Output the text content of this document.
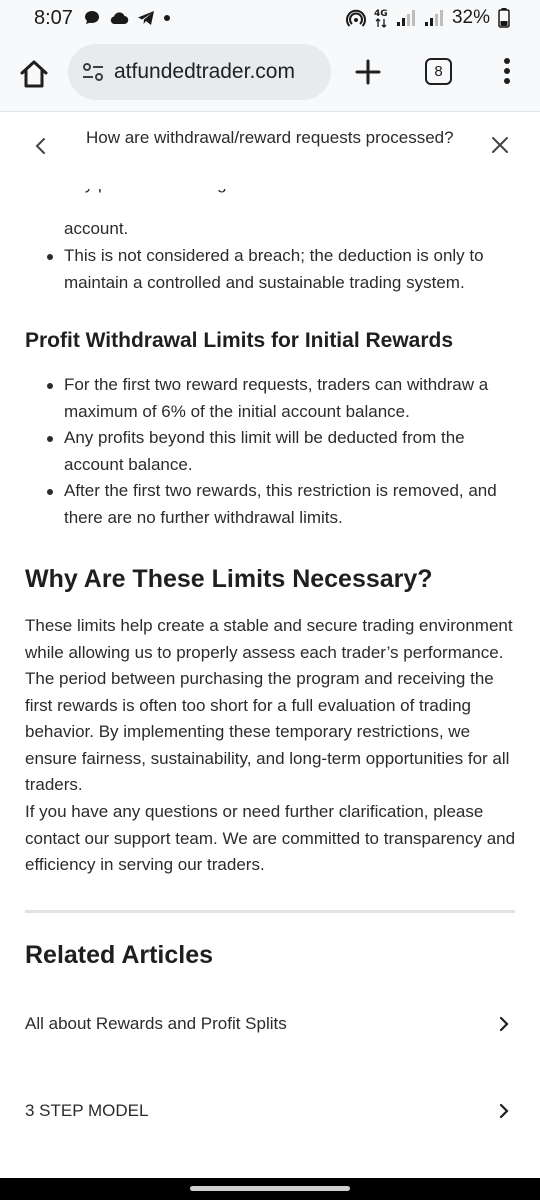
8:07	4G	32%
atfundedtrader.com	8
How are withdrawal/reward requests processed?
account.
This is not considered a breach; the deduction is only to
maintain a controlled and sustainable trading system.
Profit Withdrawal Limits for Initial Rewards
For the first two reward requests, traders can withdraw a maximum of 6% of the initial account balance.
Any profits beyond this limit will be deducted from the account balance.
After the first two rewards, this restriction is removed, and there are no further withdrawal limits.
Why Are These Limits Necessary?
These limits help create a stable and secure trading environment while allowing us to properly assess each trader’s performance. The period between purchasing the program and receiving the first rewards is often too short for a full evaluation of trading behavior. By implementing these temporary restrictions, we ensure fairness, sustainability, and long-term opportunities for all traders.
If you have any questions or need further clarification, please contact our support team. We are committed to transparency and efficiency in serving our traders.
Related Articles
All about Rewards and Profit Splits
3 STEP MODEL
